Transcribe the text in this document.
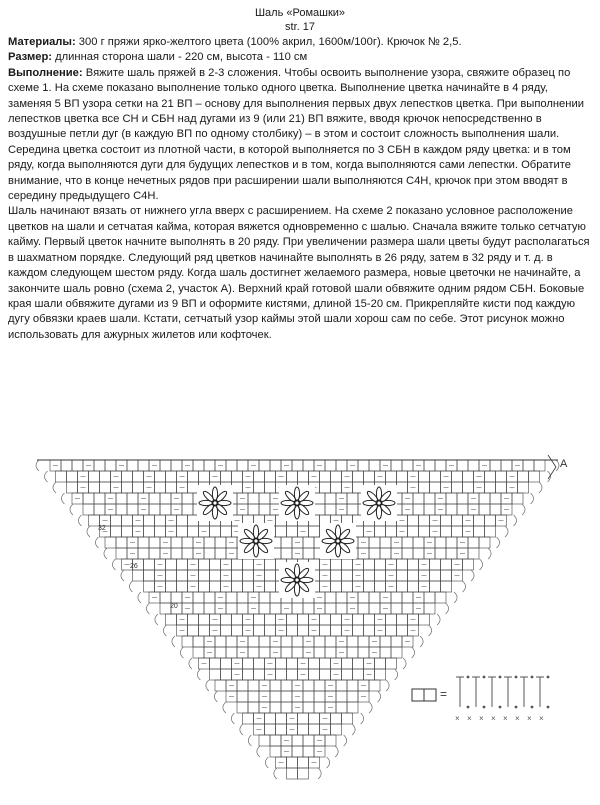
Шаль «Ромашки»
str. 17

Материалы: 300 г пряжи ярко-желтого цвета (100% акрил, 1600м/100г). Крючок № 2,5.

Размер: длинная сторона шали - 220 см, высота - 110 см

Выполнение: Вяжите шаль пряжей в 2-3 сложения. Чтобы освоить выполнение узора, свяжите образец по схеме 1. На схеме показано выполнение только одного цветка. Выполнение цветка начинайте в 4 ряду, заменяя 5 ВП узора сетки на 21 ВП – основу для выполнения первых двух лепестков цветка. При выполнении лепестков цветка все СН и СБН над дугами из 9 (или 21) ВП вяжите, вводя крючок непосредственно в воздушные петли дуг (в каждую ВП по одному столбику) – в этом и состоит сложность выполнения шали. Середина цветка состоит из плотной части, в которой выполняется по 3 СБН в каждом ряду цветка: и в том ряду, когда выполняются дуги для будущих лепестков и в том, когда выполняются сами лепестки. Обратите внимание, что в конце нечетных рядов при расширении шали выполняются С4Н, крючок при этом вводят в середину предыдущего С4Н.

Шаль начинают вязать от нижнего угла вверх с расширением. На схеме 2 показано условное расположение цветков на шали и сетчатая кайма, которая вяжется одновременно с шалью. Сначала вяжите только сетчатую кайму. Первый цветок начните выполнять в 20 ряду. При увеличении размера шали цветы будут располагаться в шахматном порядке. Следующий ряд цветков начинайте выполнять в 26 ряду, затем в 32 ряду и т. д. в каждом следующем шестом ряду. Когда шаль достигнет желаемого размера, новые цветочки не начинайте, а закончите шаль ровно (схема 2, участок А). Верхний край готовой шали обвяжите одним рядом СБН. Боковые края шали обвяжите дугами из 9 ВП и оформите кистями, длиной 15-20 см. Прикрепляйте кисти под каждую дугу обвязки краев шали. Кстати, сетчатый узор каймы этой шали хорош сам по себе. Этот рисунок можно использовать для ажурных жилетов или кофточек.

A
32
26
20
× × × × × × × ×
=
